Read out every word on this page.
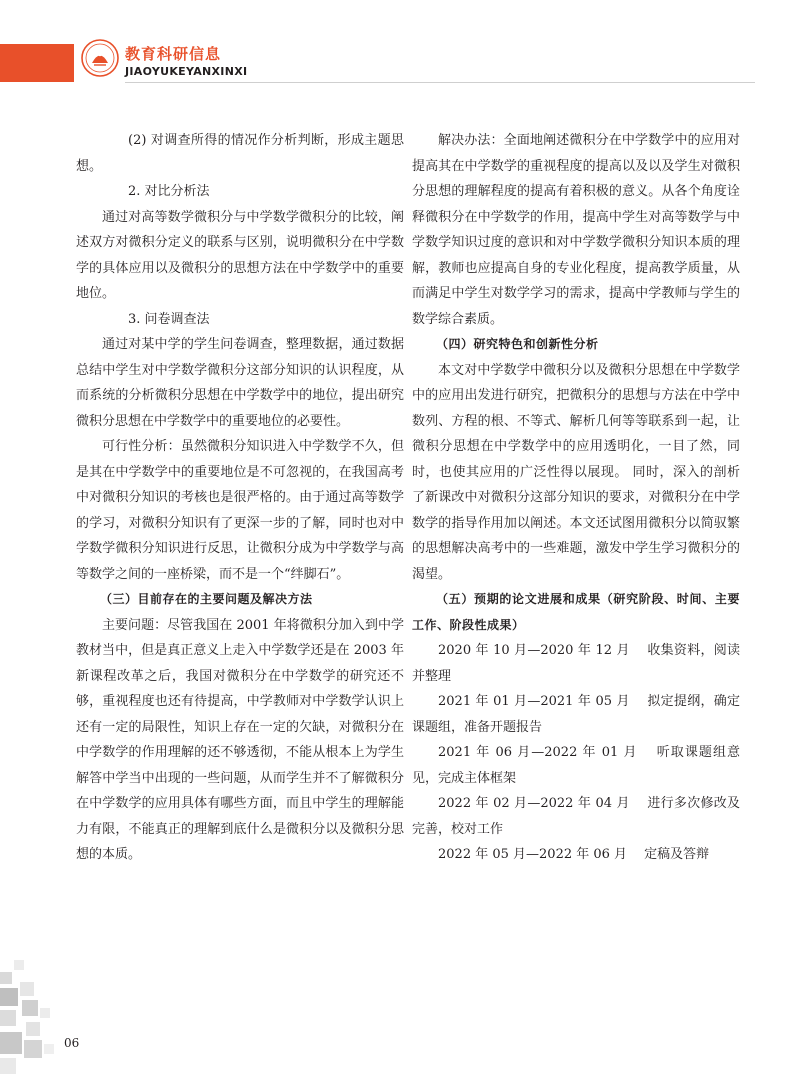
教育科研信息
JIAOYUKEYANXINXI

(2) 对调查所得的情况作分析判断，形成主题思想。

2. 对比分析法

通过对高等数学微积分与中学数学微积分的比较，阐述双方对微积分定义的联系与区别，说明微积分在中学数学的具体应用以及微积分的思想方法在中学数学中的重要地位。

3. 问卷调查法

通过对某中学的学生问卷调查，整理数据，通过数据总结中学生对中学数学微积分这部分知识的认识程度，从而系统的分析微积分思想在中学数学中的地位，提出研究微积分思想在中学数学中的重要地位的必要性。

可行性分析：虽然微积分知识进入中学数学不久，但是其在中学数学中的重要地位是不可忽视的，在我国高考中对微积分知识的考核也是很严格的。由于通过高等数学的学习，对微积分知识有了更深一步的了解，同时也对中学数学微积分知识进行反思，让微积分成为中学数学与高等数学之间的一座桥梁，而不是一个“绊脚石”。

（三）目前存在的主要问题及解决方法

主要问题：尽管我国在 2001 年将微积分加入到中学教材当中，但是真正意义上走入中学数学还是在 2003 年新课程改革之后，我国对微积分在中学数学的研究还不够，重视程度也还有待提高，中学教师对中学数学认识上还有一定的局限性，知识上存在一定的欠缺，对微积分在中学数学的作用理解的还不够透彻，不能从根本上为学生解答中学当中出现的一些问题，从而学生并不了解微积分在中学数学的应用具体有哪些方面，而且中学生的理解能力有限，不能真正的理解到底什么是微积分以及微积分思想的本质。

解决办法：全面地阐述微积分在中学数学中的应用对提高其在中学数学的重视程度的提高以及以及学生对微积分思想的理解程度的提高有着积极的意义。从各个角度诠释微积分在中学数学的作用，提高中学生对高等数学与中学数学知识过度的意识和对中学数学微积分知识本质的理解，教师也应提高自身的专业化程度，提高教学质量，从而满足中学生对数学学习的需求，提高中学教师与学生的数学综合素质。

（四）研究特色和创新性分析

本文对中学数学中微积分以及微积分思想在中学数学中的应用出发进行研究，把微积分的思想与方法在中学中数列、方程的根、不等式、解析几何等等联系到一起，让微积分思想在中学数学中的应用透明化，一目了然，同时，也使其应用的广泛性得以展现。 同时，深入的剖析了新课改中对微积分这部分知识的要求，对微积分在中学数学的指导作用加以阐述。本文还试图用微积分以简驭繁的思想解决高考中的一些难题，激发中学生学习微积分的渴望。

（五）预期的论文进展和成果（研究阶段、时间、主要工作、阶段性成果）

2020 年 10 月—2020 年 12 月　 收集资料，阅读并整理

2021 年 01 月—2021 年 05 月　 拟定提纲，确定课题组，准备开题报告

2021 年 06 月—2022 年 01 月　 听取课题组意见，完成主体框架

2022 年 02 月—2022 年 04 月　 进行多次修改及完善，校对工作

2022 年 05 月—2022 年 06 月　 定稿及答辩

06
